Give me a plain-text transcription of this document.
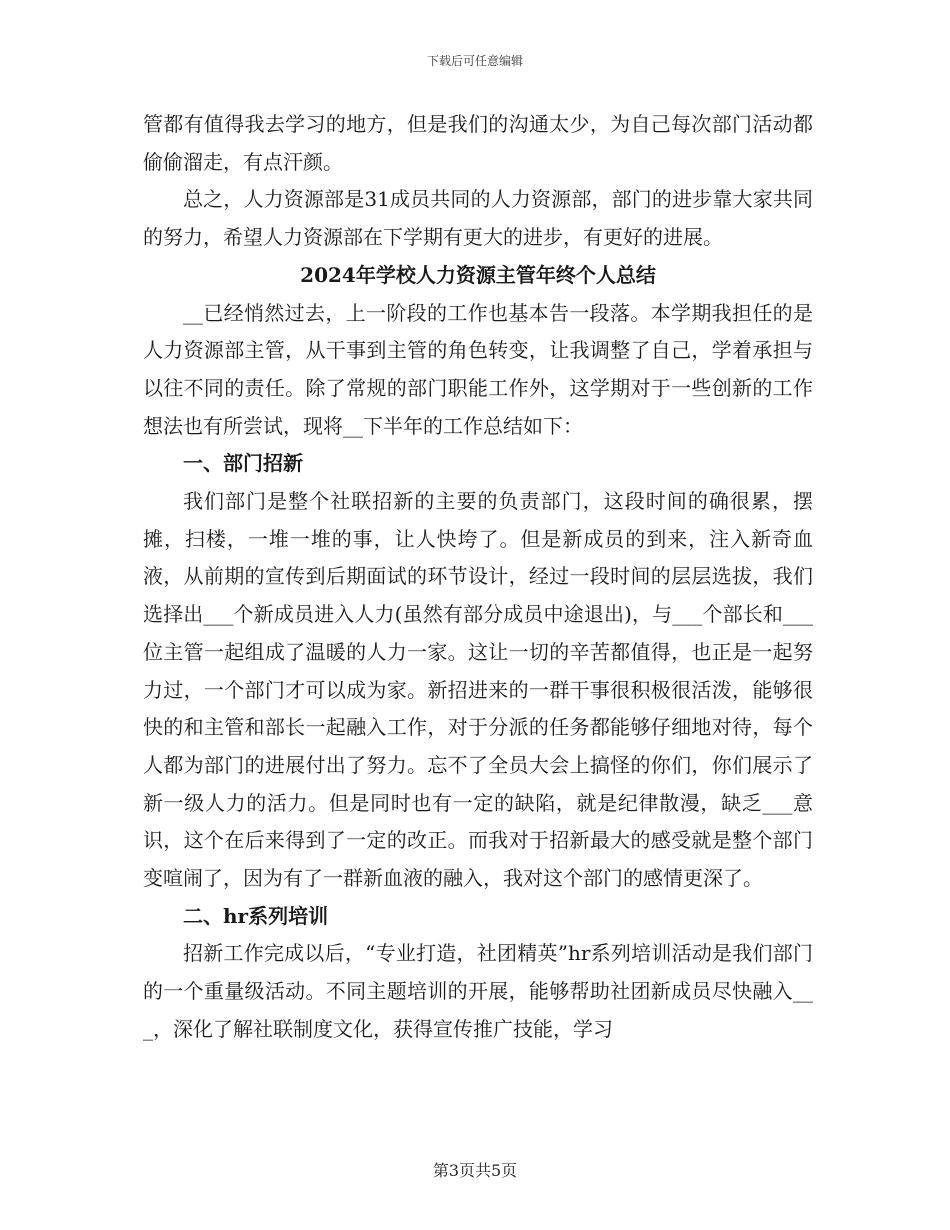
下载后可任意编辑

管都有值得我去学习的地方，但是我们的沟通太少，为自己每次部门活动都偷偷溜走，有点汗颜。

总之，人力资源部是31成员共同的人力资源部，部门的进步靠大家共同的努力，希望人力资源部在下学期有更大的进步，有更好的进展。

2024年学校人力资源主管年终个人总结

__已经悄然过去，上一阶段的工作也基本告一段落。本学期我担任的是人力资源部主管，从干事到主管的角色转变，让我调整了自己，学着承担与以往不同的责任。除了常规的部门职能工作外，这学期对于一些创新的工作想法也有所尝试，现将__下半年的工作总结如下：

一、部门招新

我们部门是整个社联招新的主要的负责部门，这段时间的确很累，摆摊，扫楼，一堆一堆的事，让人快垮了。但是新成员的到来，注入新奇血液，从前期的宣传到后期面试的环节设计，经过一段时间的层层选拔，我们选择出___个新成员进入人力(虽然有部分成员中途退出)，与___个部长和___位主管一起组成了温暖的人力一家。这让一切的辛苦都值得，也正是一起努力过，一个部门才可以成为家。新招进来的一群干事很积极很活泼，能够很快的和主管和部长一起融入工作，对于分派的任务都能够仔细地对待，每个人都为部门的进展付出了努力。忘不了全员大会上搞怪的你们，你们展示了新一级人力的活力。但是同时也有一定的缺陷，就是纪律散漫，缺乏___意识，这个在后来得到了一定的改正。而我对于招新最大的感受就是整个部门变喧闹了，因为有了一群新血液的融入，我对这个部门的感情更深了。

二、hr系列培训

招新工作完成以后，“专业打造，社团精英”hr系列培训活动是我们部门的一个重量级活动。不同主题培训的开展，能够帮助社团新成员尽快融入___，深化了解社联制度文化，获得宣传推广技能，学习

第3页共5页
